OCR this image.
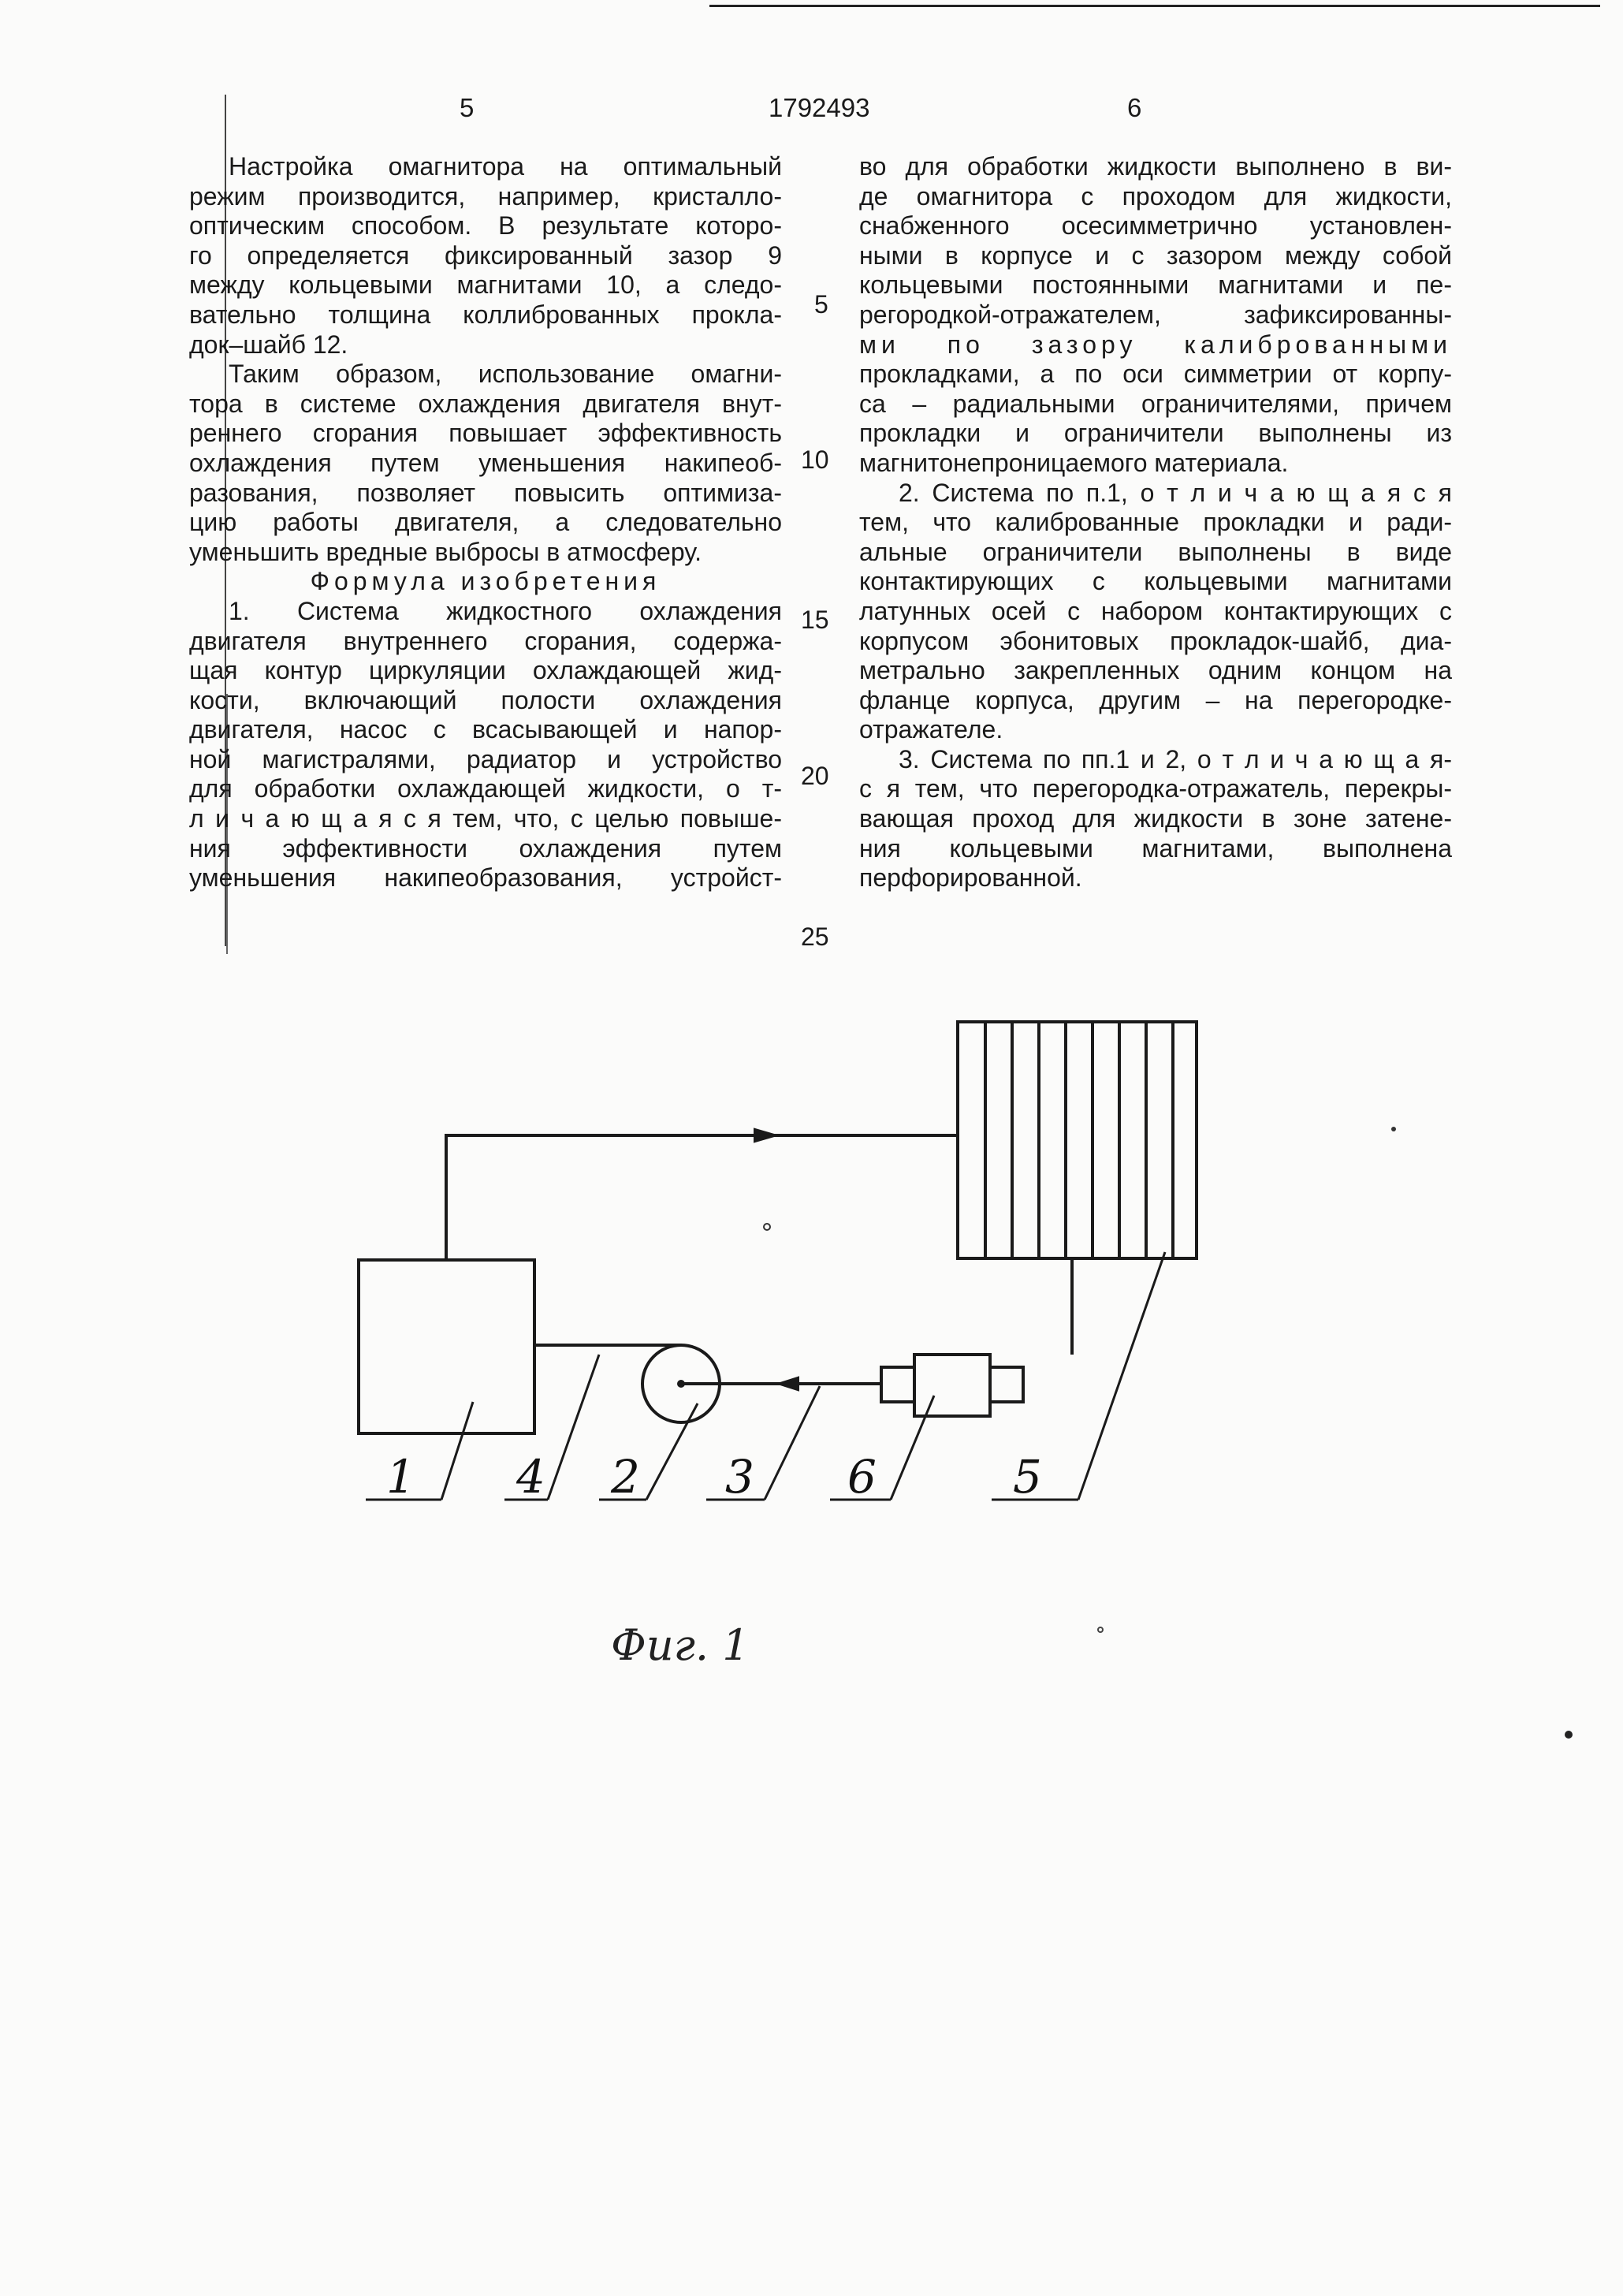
5	1792493	6
Настройка омагнитора на оптимальный
режим производится, например, кристалло-
оптическим способом. В результате которо-
го определяется фиксированный зазор 9
между кольцевыми магнитами 10, а следо-
вательно толщина коллиброванных прокла-
док–шайб 12.
Таким образом, использование омагни-
тора в системе охлаждения двигателя внут-
реннего сгорания повышает эффективность
охлаждения путем уменьшения накипеоб-
разования, позволяет повысить оптимиза-
цию работы двигателя, а следовательно
уменьшить вредные выбросы в атмосферу.
Формула изобретения
1. Система жидкостного охлаждения
двигателя внутреннего сгорания, содержа-
щая контур циркуляции охлаждающей жид-
кости, включающий полости охлаждения
двигателя, насос с всасывающей и напор-
ной магистралями, радиатор и устройство
для обработки охлаждающей жидкости, о т-
л и ч а ю щ а я с я тем, что, с целью повыше-
ния эффективности охлаждения путем
уменьшения накипеобразования, устройст-
5
10
15
20
25
во для обработки жидкости выполнено в ви-
де омагнитора с проходом для жидкости,
снабженного осесимметрично установлен-
ными в корпусе и с зазором между собой
кольцевыми постоянными магнитами и пе-
регородкой-отражателем, зафиксированны-
ми по зазору калиброванными
прокладками, а по оси симметрии от корпу-
са – радиальными ограничителями, причем
прокладки и ограничители выполнены из
магнитонепроницаемого материала.
2. Система по п.1, о т л и ч а ю щ а я с я
тем, что калиброванные прокладки и ради-
альные ограничители выполнены в виде
контактирующих с кольцевыми магнитами
латунных осей с набором контактирующих с
корпусом эбонитовых прокладок-шайб, диа-
метрально закрепленных одним концом на
фланце корпуса, другим – на перегородке-
отражателе.
3. Система по пп.1 и 2, о т л и ч а ю щ а я-
с я тем, что перегородка-отражатель, перекры-
вающая проход для жидкости в зоне затене-
ния кольцевыми магнитами, выполнена
перфорированной.
1 4 2 3 6	5
Фиг. 1
